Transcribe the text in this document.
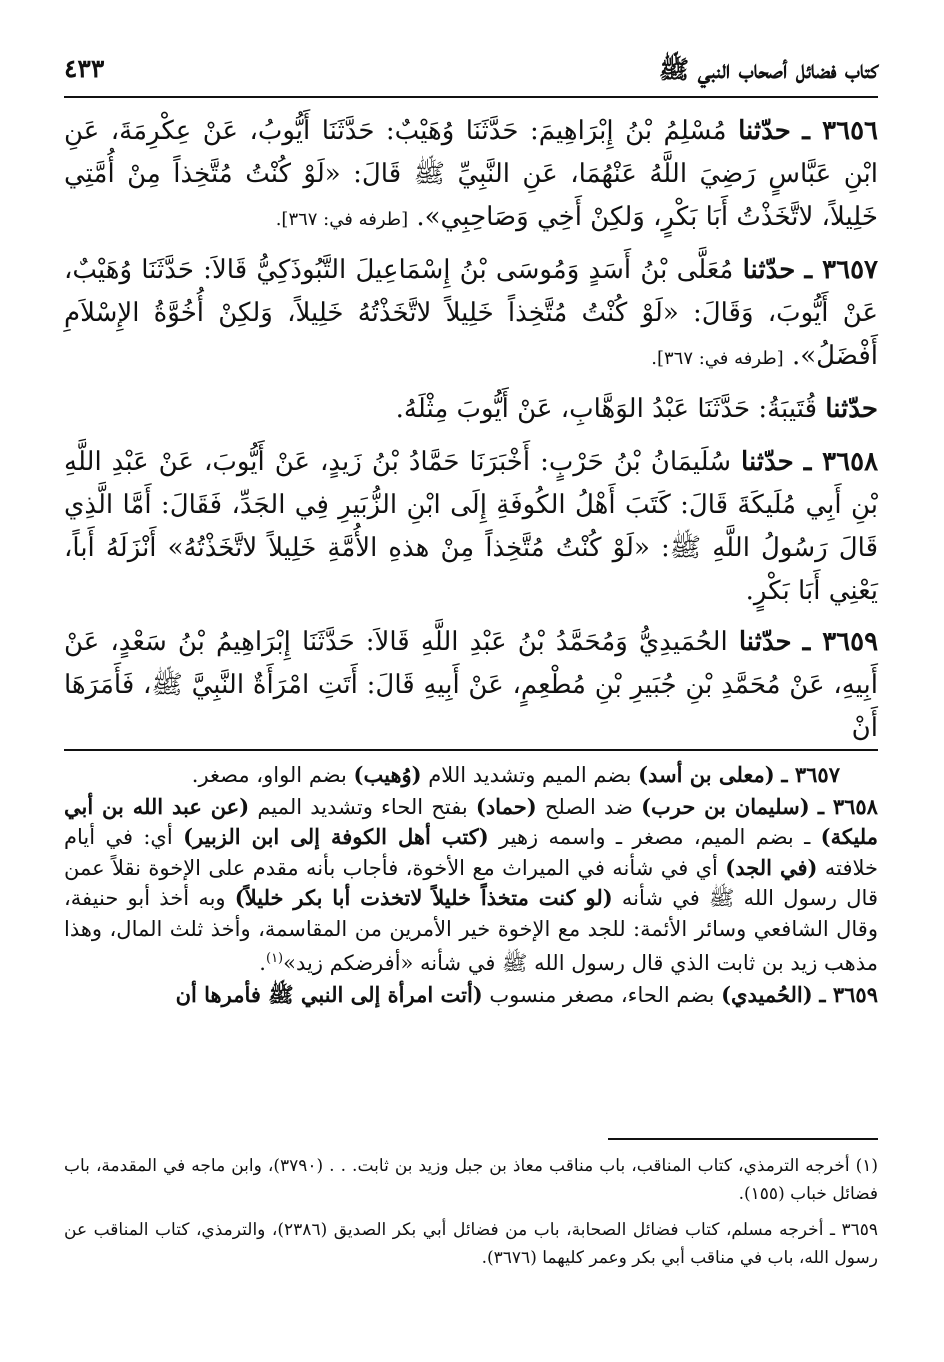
كتاب فضائل أصحاب النبي ﷺ
٤٣٣

٣٦٥٦ ـ حدّثنا مُسْلِمُ بْنُ إِبْرَاهِيمَ: حَدَّثَنَا وُهَيْبٌ: حَدَّثَنَا أَيُّوبُ، عَنْ عِكْرِمَةَ، عَنِ ابْنِ عَبَّاسٍ رَضِيَ اللَّهُ عَنْهُمَا، عَنِ النَّبِيِّ ﷺ قَالَ: «لَوْ كُنْتُ مُتَّخِذاً مِنْ أُمَّتِي خَلِيلاً، لاتَّخَذْتُ أَبَا بَكْرٍ، وَلكِنْ أَخِي وَصَاحِبِي». [طرفه في: ٣٦٧].

٣٦٥٧ ـ حدّثنا مُعَلَّى بْنُ أَسَدٍ وَمُوسَى بْنُ إِسْمَاعِيلَ التَّبُوذَكِيُّ قَالاَ: حَدَّثَنَا وُهَيْبٌ، عَنْ أَيُّوبَ، وَقَالَ: «لَوْ كُنْتُ مُتَّخِذاً خَلِيلاً لاتَّخَذْتُهُ خَلِيلاً، وَلكِنْ أُخُوَّةُ الإِسْلاَمِ أَفْضَلُ». [طرفه في: ٣٦٧].

حدّثنا قُتَيبَةُ: حَدَّثَنَا عَبْدُ الوَهَّابِ، عَنْ أَيُّوبَ مِثْلَهُ.

٣٦٥٨ ـ حدّثنا سُلَيمَانُ بْنُ حَرْبٍ: أَخْبَرَنَا حَمَّادُ بْنُ زَيدٍ، عَنْ أَيُّوبَ، عَنْ عَبْدِ اللَّهِ بْنِ أَبِي مُلَيكَةَ قَالَ: كَتَبَ أَهْلُ الكُوفَةِ إِلَى ابْنِ الزُّبَيرِ فِي الجَدِّ، فَقَالَ: أَمَّا الَّذِي قَالَ رَسُولُ اللَّهِ ﷺ: «لَوْ كُنْتُ مُتَّخِذاً مِنْ هذهِ الأُمَّةِ خَلِيلاً لاتَّخَذْتُهُ» أَنْزَلَهُ أَباً، يَعْنِي أَبَا بَكْرٍ.

٣٦٥٩ ـ حدّثنا الحُمَيدِيُّ وَمُحَمَّدُ بْنُ عَبْدِ اللَّهِ قَالاَ: حَدَّثَنَا إِبْرَاهِيمُ بْنُ سَعْدٍ، عَنْ أَبِيهِ، عَنْ مُحَمَّدِ بْنِ جُبَيرِ بْنِ مُطْعِمٍ، عَنْ أَبِيهِ قَالَ: أَتَتِ امْرَأَةٌ النَّبِيَّ ﷺ، فَأَمَرَهَا أَنْ

٣٦٥٧ ـ (معلى بن أسد) بضم الميم وتشديد اللام (وُهيب) بضم الواو، مصغر.

٣٦٥٨ ـ (سليمان بن حرب) ضد الصلح (حماد) بفتح الحاء وتشديد الميم (عن عبد الله بن أبي مليكة) ـ بضم الميم، مصغر ـ واسمه زهير (كتب أهل الكوفة إلى ابن الزبير) أي: في أيام خلافته (في الجد) أي في شأنه في الميراث مع الأخوة، فأجاب بأنه مقدم على الإخوة نقلاً عمن قال رسول الله ﷺ في شأنه (لو كنت متخذاً خليلاً لاتخذت أبا بكر خليلاً) وبه أخذ أبو حنيفة، وقال الشافعي وسائر الأئمة: للجد مع الإخوة خير الأمرين من المقاسمة، وأخذ ثلث المال، وهذا مذهب زيد بن ثابت الذي قال رسول الله ﷺ في شأنه «أفرضكم زيد»$^{(١)}$.

٣٦٥٩ ـ (الحُميدي) بضم الحاء، مصغر منسوب (أتت امرأة إلى النبي ﷺ فأمرها أن

(١) أخرجه الترمذي، كتاب المناقب، باب مناقب معاذ بن جبل وزيد بن ثابت. . . (٣٧٩٠)، وابن ماجه في المقدمة، باب فضائل خباب (١٥٥).

٣٦٥٩ ـ أخرجه مسلم، كتاب فضائل الصحابة، باب من فضائل أبي بكر الصديق (٢٣٨٦)، والترمذي، كتاب المناقب عن رسول الله، باب في مناقب أبي بكر وعمر كليهما (٣٦٧٦).
